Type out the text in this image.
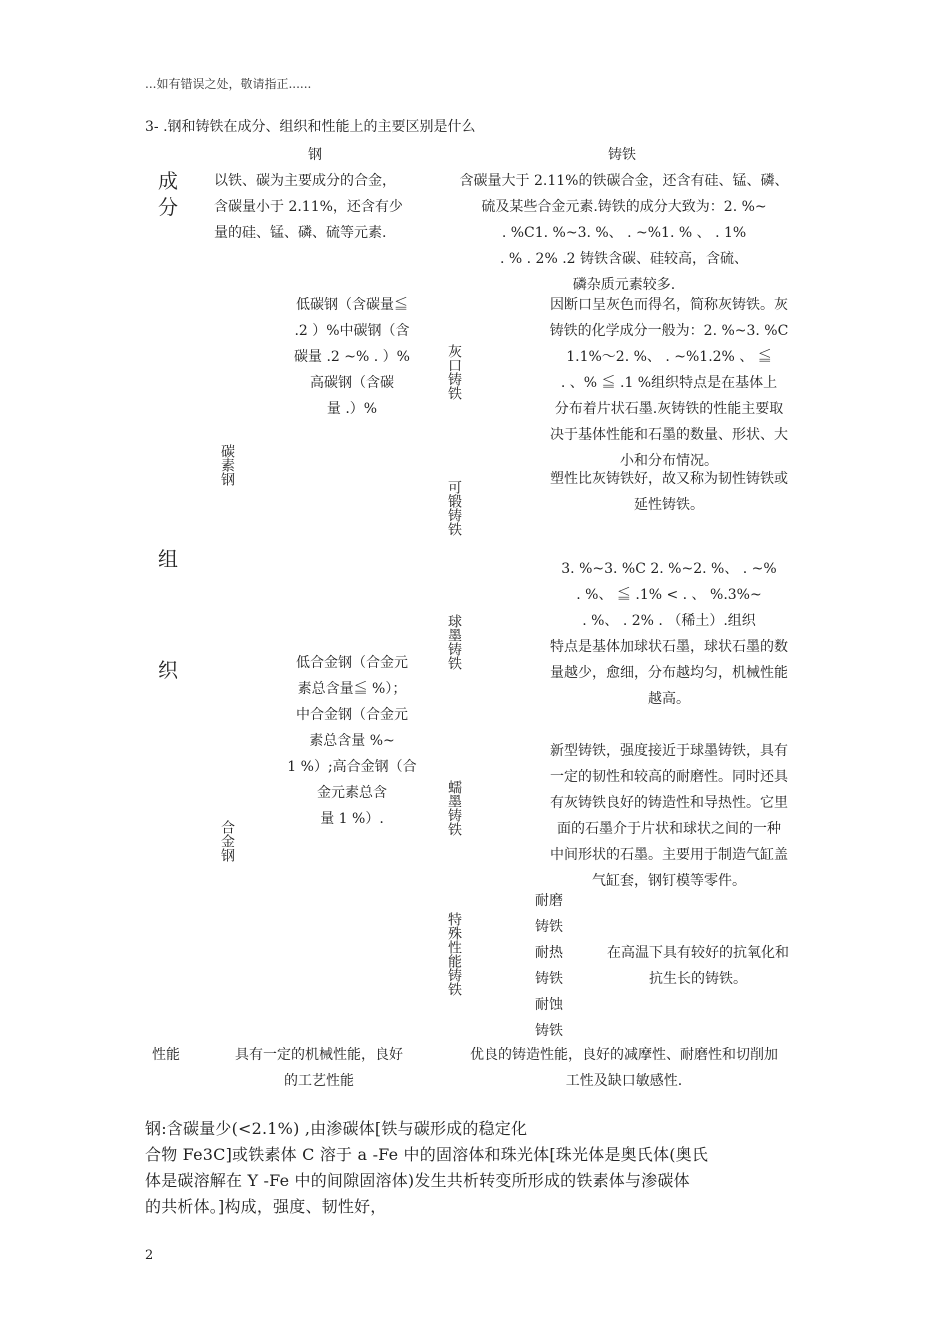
...如有错误之处，敬请指正......
3- .钢和铸铁在成分、组织和性能上的主要区别是什么
钢	铸铁
成
分
以铁、碳为主要成分的合金，
含碳量小于 2.11%，还含有少
量的硅、锰、磷、硫等元素.
含碳量大于 2.11%的铁碳合金，还含有硅、锰、磷、
硫及某些合金元素.铸铁的成分大致为：2. %~
. %C1. %~3. %、 . ~%1. % 、 . 1%
. % . 2% .2 铸铁含碳、硅较高，含硫、
磷杂质元素较多.
组
织
碳素钢
低碳钢（含碳量≦
.2 ）%中碳钢（含
碳量 .2 ~% . ）%
高碳钢（含碳
量 .）%
合金钢
低合金钢（合金元
素总含量≦ %）；
中合金钢（合金元
素总含量 %~
1 %）;高合金钢（合
金元素总含
量 1 %）.
灰口铸铁
因断口呈灰色而得名，简称灰铸铁。灰
铸铁的化学成分一般为：2. %~3. %C
1.1%～2. %、 . ~%1.2% 、 ≦
. 、% ≦ .1 %组织特点是在基体上
分布着片状石墨.灰铸铁的性能主要取
决于基体性能和石墨的数量、形状、大
小和分布情况。
可锻铸铁
塑性比灰铸铁好，故又称为韧性铸铁或
延性铸铁。
球墨铸铁
3. %~3. %C 2. %~2. %、 . ~%
. %、 ≦ .1% < . 、 %.3%~
. %、 . 2% . （稀土）.组织
特点是基体加球状石墨，球状石墨的数
量越少，愈细，分布越均匀，机械性能
越高。
蠕墨铸铁
新型铸铁，强度接近于球墨铸铁，具有
一定的韧性和较高的耐磨性。同时还具
有灰铸铁良好的铸造性和导热性。它里
面的石墨介于片状和球状之间的一种
中间形状的石墨。主要用于制造气缸盖
气缸套，钢钉模等零件。
特殊性能铸铁
耐磨
铸铁
耐热
铸铁
耐蚀
铸铁
在高温下具有较好的抗氧化和
抗生长的铸铁。
性能	具有一定的机械性能，良好
的工艺性能
优良的铸造性能，良好的减摩性、耐磨性和切削加
工性及缺口敏感性.
钢:含碳量少(<2.1%) ,由渗碳体[铁与碳形成的稳定化
合物 Fe3C]或铁素体 C 溶于 a -Fe 中的固溶体和珠光体[珠光体是奥氏体(奥氏
体是碳溶解在 Y -Fe 中的间隙固溶体)发生共析转变所形成的铁素体与渗碳体
的共析体。]构成，强度、韧性好，
2
